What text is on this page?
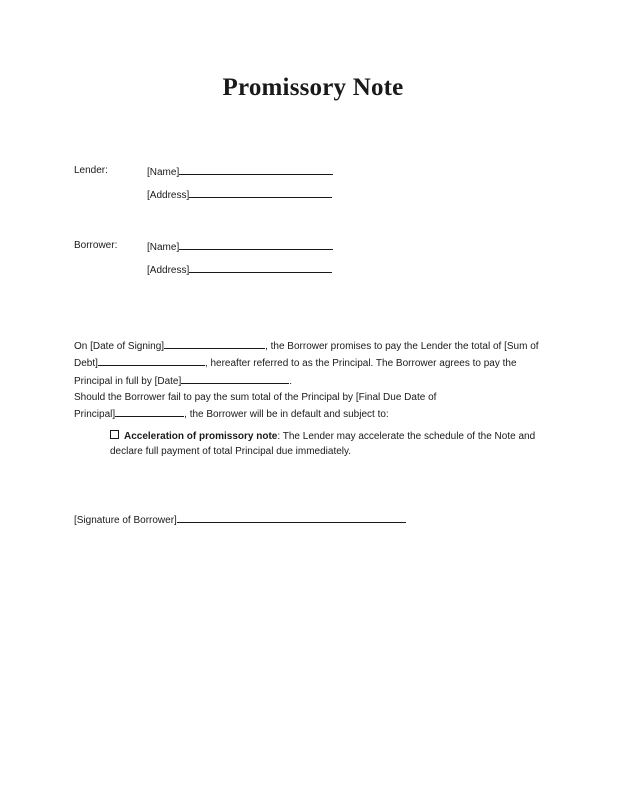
Promissory Note
Lender:	[Name]
[Address]
Borrower:	[Name]
[Address]
On [Date of Signing]	, the Borrower promises to pay the Lender the total of [Sum of
Debt]	, hereafter referred to as the Principal. The Borrower agrees to pay the
Principal in full by [Date]	.
Should the Borrower fail to pay the sum total of the Principal by [Final Due Date of
Principal]	, the Borrower will be in default and subject to:
Acceleration of promissory note: The Lender may accelerate the schedule of the Note and
declare full payment of total Principal due immediately.
[Signature of Borrower]
